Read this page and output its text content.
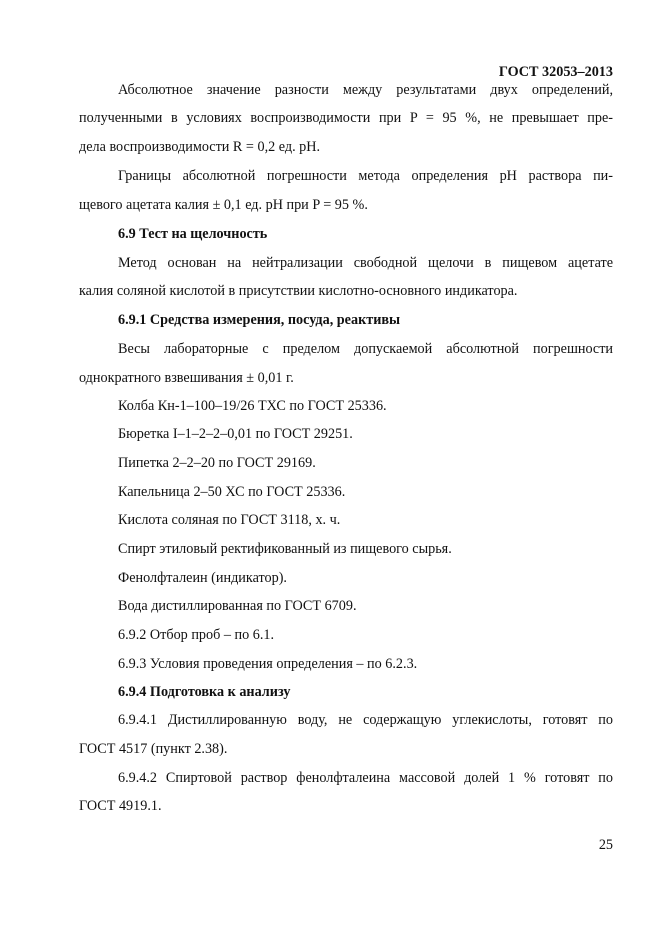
ГОСТ 32053–2013
Абсолютное значение разности между результатами двух определений,
полученными в условиях воспроизводимости при P = 95 %, не превышает пре-
дела воспроизводимости R = 0,2 ед. pH.
Границы абсолютной погрешности метода определения pH раствора пи-
щевого ацетата калия ± 0,1 ед. pH при P = 95 %.
6.9 Тест на щелочность
Метод основан на нейтрализации свободной щелочи в пищевом ацетате
калия соляной кислотой в присутствии кислотно-основного индикатора.
6.9.1 Средства измерения, посуда, реактивы
Весы лабораторные с пределом допускаемой абсолютной погрешности
однократного взвешивания ± 0,01 г.
Колба Кн-1–100–19/26 ТХС по ГОСТ 25336.
Бюретка I–1–2–2–0,01 по ГОСТ 29251.
Пипетка 2–2–20 по ГОСТ 29169.
Капельница 2–50 ХС по ГОСТ 25336.
Кислота соляная по ГОСТ 3118, х. ч.
Спирт этиловый ректификованный из пищевого сырья.
Фенолфталеин (индикатор).
Вода дистиллированная по ГОСТ 6709.
6.9.2 Отбор проб – по 6.1.
6.9.3 Условия проведения определения – по 6.2.3.
6.9.4 Подготовка к анализу
6.9.4.1 Дистиллированную воду, не содержащую углекислоты, готовят по
ГОСТ 4517 (пункт 2.38).
6.9.4.2 Спиртовой раствор фенолфталеина массовой долей 1 % готовят по
ГОСТ 4919.1.
25
